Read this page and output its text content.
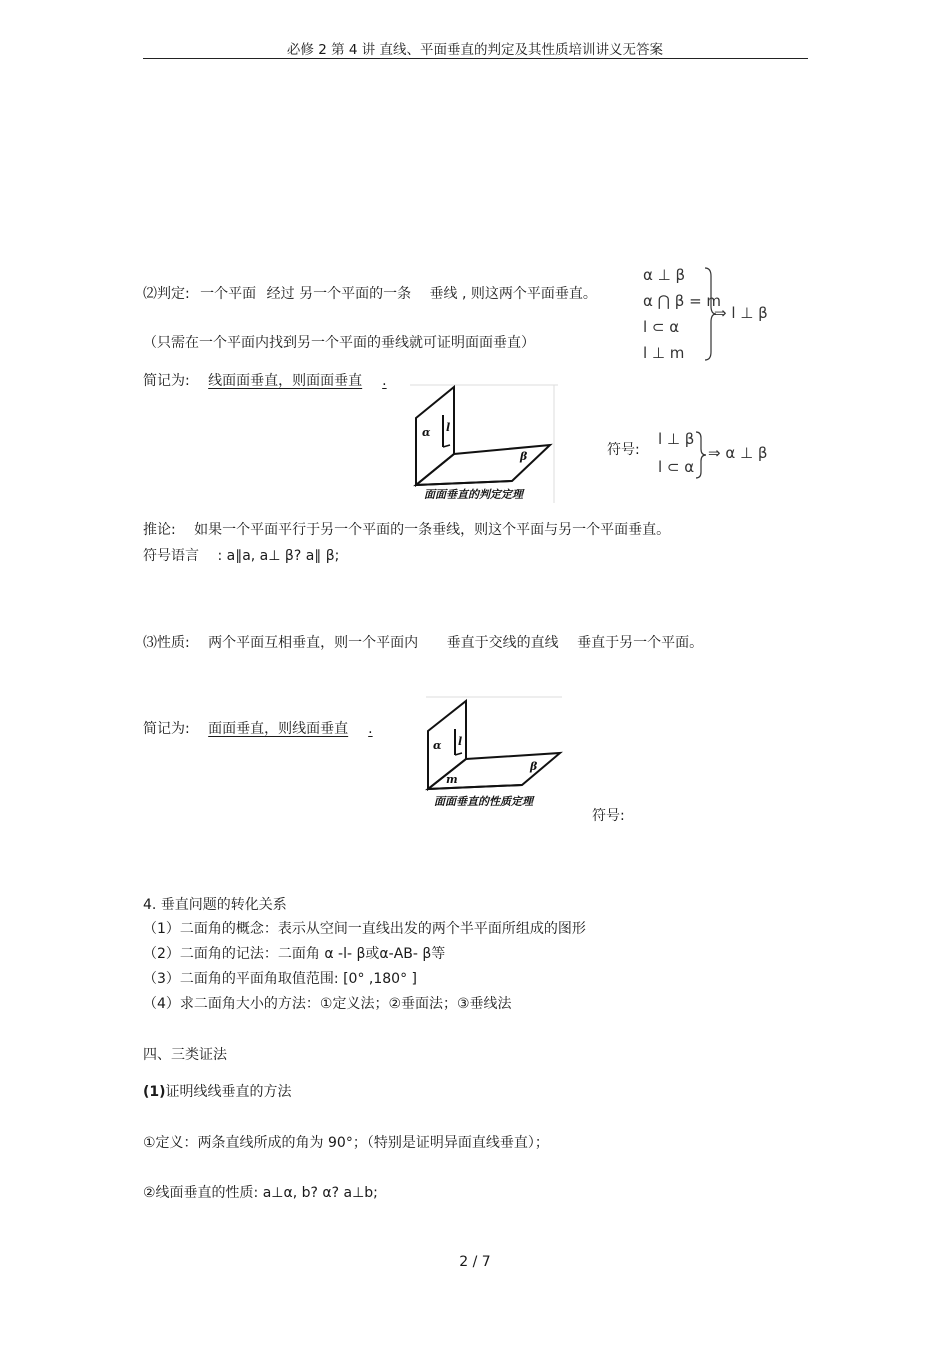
必修 2 第 4 讲 直线、平面垂直的判定及其性质培训讲义无答案
⑵判定: 一个平面 经过 另一个平面的一条 垂线 , 则这两个平面垂直。
（只需在一个平面内找到另一个平面的垂线就可证明面面垂直）
简记为: 线面面垂直，则面面垂直 .
α ⊥ β
α ⋂ β = m
l ⊂ α
l ⊥ m
⇒ l ⊥ β
α l
β
面面垂直的判定定理
符号:
l ⊥ β
l ⊂ α
⇒ α ⊥ β
推论: 如果一个平面平行于另一个平面的一条垂线，则这个平面与另一个平面垂直。
符号语言 : a∥a, a⊥ β? a∥ β;
⑶性质: 两个平面互相垂直，则一个平面内 垂直于交线的直线 垂直于另一个平面。
简记为: 面面垂直，则线面垂直 .
α l
m
β
面面垂直的性质定理
符号:
4. 垂直问题的转化关系
（1）二面角的概念：表示从空间一直线出发的两个半平面所组成的图形
（2）二面角的记法：二面角 α -l- β或α-AB- β等
（3）二面角的平面角取值范围: [0° ,180° ]
（4）求二面角大小的方法：①定义法；②垂面法；③垂线法
四、三类证法
(1)证明线线垂直的方法
①定义：两条直线所成的角为 90°；（特别是证明异面直线垂直）；
②线面垂直的性质: a⊥α, b? α? a⊥b;
2 / 7
